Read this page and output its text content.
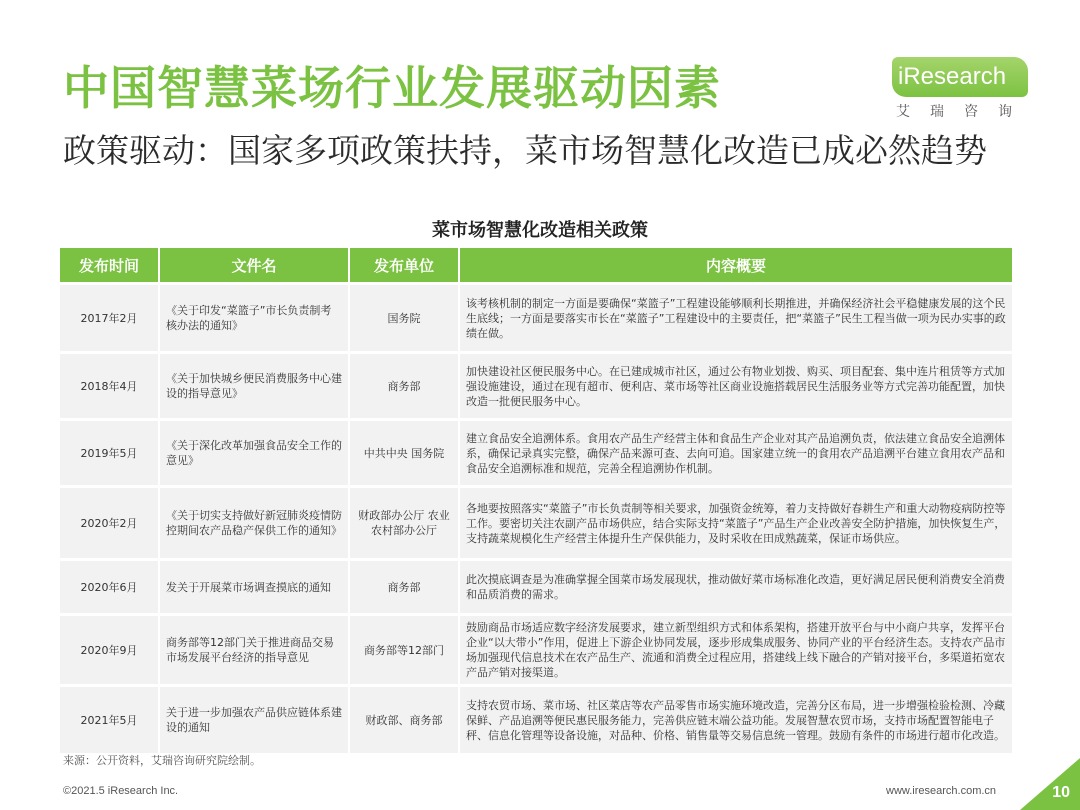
中国智慧菜场行业发展驱动因素
政策驱动：国家多项政策扶持，菜市场智慧化改造已成必然趋势
iResearch
艾瑞咨询
菜市场智慧化改造相关政策
发布时间	文件名	发布单位	内容概要
2017年2月	《关于印发“菜篮子”市长负责制考核办法的通知》	国务院	该考核机制的制定一方面是要确保“菜篮子”工程建设能够顺利长期推进，并确保经济社会平稳健康发展的这个民生底线；一方面是要落实市长在“菜篮子”工程建设中的主要责任，把“菜篮子”民生工程当做一项为民办实事的政绩在做。
2018年4月	《关于加快城乡便民消费服务中心建设的指导意见》	商务部	加快建设社区便民服务中心。在已建成城市社区，通过公有物业划拨、购买、项目配套、集中连片租赁等方式加强设施建设，通过在现有超市、便利店、菜市场等社区商业设施搭载居民生活服务业等方式完善功能配置，加快改造一批便民服务中心。
2019年5月	《关于深化改革加强食品安全工作的意见》	中共中央 国务院	建立食品安全追溯体系。食用农产品生产经营主体和食品生产企业对其产品追溯负责，依法建立食品安全追溯体系，确保记录真实完整，确保产品来源可查、去向可追。国家建立统一的食用农产品追溯平台建立食用农产品和食品安全追溯标准和规范，完善全程追溯协作机制。
2020年2月	《关于切实支持做好新冠肺炎疫情防控期间农产品稳产保供工作的通知》	财政部办公厅 农业农村部办公厅	各地要按照落实“菜篮子”市长负责制等相关要求，加强资金统筹，着力支持做好春耕生产和重大动物疫病防控等工作。要密切关注农副产品市场供应，结合实际支持“菜篮子”产品生产企业改善安全防护措施，加快恢复生产，支持蔬菜规模化生产经营主体提升生产保供能力，及时采收在田成熟蔬菜，保证市场供应。
2020年6月	发关于开展菜市场调查摸底的通知	商务部	此次摸底调查是为准确掌握全国菜市场发展现状，推动做好菜市场标准化改造，更好满足居民便利消费安全消费和品质消费的需求。
2020年9月	商务部等12部门关于推进商品交易市场发展平台经济的指导意见	商务部等12部门	鼓励商品市场适应数字经济发展要求，建立新型组织方式和体系架构，搭建开放平台与中小商户共享，发挥平台企业“以大带小”作用，促进上下游企业协同发展，逐步形成集成服务、协同产业的平台经济生态。支持农产品市场加强现代信息技术在农产品生产、流通和消费全过程应用，搭建线上线下融合的产销对接平台，多渠道拓宽农产品产销对接渠道。
2021年5月	关于进一步加强农产品供应链体系建设的通知	财政部、商务部	支持农贸市场、菜市场、社区菜店等农产品零售市场实施环境改造，完善分区布局，进一步增强检验检测、冷藏保鲜、产品追溯等便民惠民服务能力，完善供应链末端公益功能。发展智慧农贸市场，支持市场配置智能电子秤、信息化管理等设备设施，对品种、价格、销售量等交易信息统一管理。鼓励有条件的市场进行超市化改造。
来源：公开资料，艾瑞咨询研究院绘制。
©2021.5 iResearch Inc.	www.iresearch.com.cn	10
